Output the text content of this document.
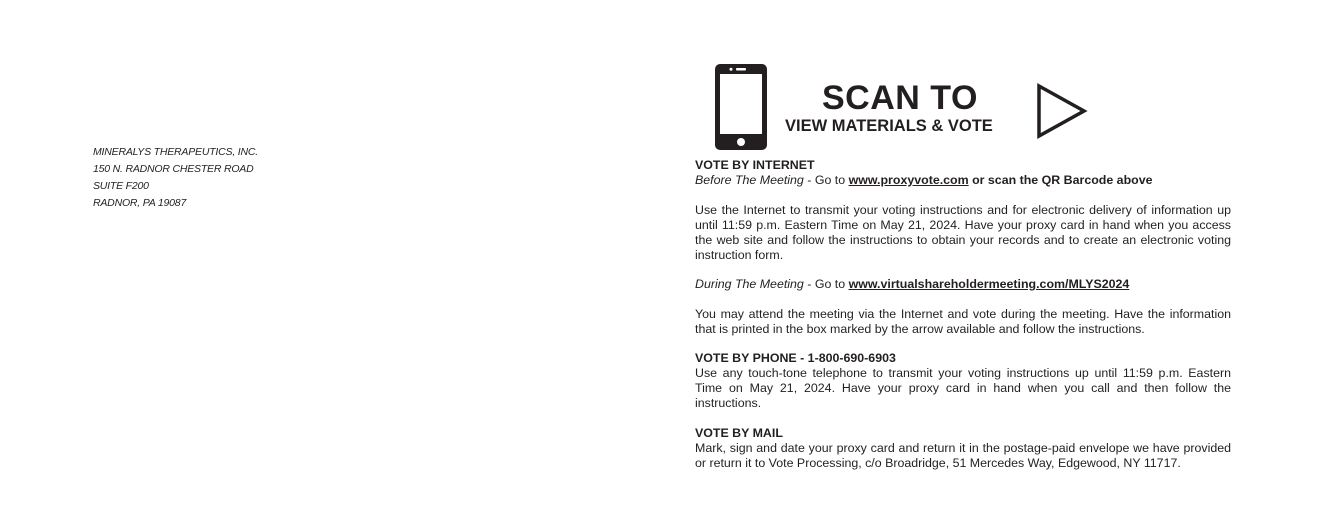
MINERALYS THERAPEUTICS, INC.
150 N. RADNOR CHESTER ROAD
SUITE F200
RADNOR, PA 19087
SCAN TO
VIEW MATERIALS & VOTE

VOTE BY INTERNET
Before The Meeting - Go to www.proxyvote.com or scan the QR Barcode above

Use the Internet to transmit your voting instructions and for electronic delivery of information up until 11:59 p.m. Eastern Time on May 21, 2024. Have your proxy card in hand when you access the web site and follow the instructions to obtain your records and to create an electronic voting instruction form.

During The Meeting - Go to www.virtualshareholdermeeting.com/MLYS2024

You may attend the meeting via the Internet and vote during the meeting. Have the information that is printed in the box marked by the arrow available and follow the instructions.

VOTE BY PHONE - 1-800-690-6903
Use any touch-tone telephone to transmit your voting instructions up until 11:59 p.m. Eastern Time on May 21, 2024. Have your proxy card in hand when you call and then follow the instructions.

VOTE BY MAIL
Mark, sign and date your proxy card and return it in the postage-paid envelope we have provided or return it to Vote Processing, c/o Broadridge, 51 Mercedes Way, Edgewood, NY 11717.
